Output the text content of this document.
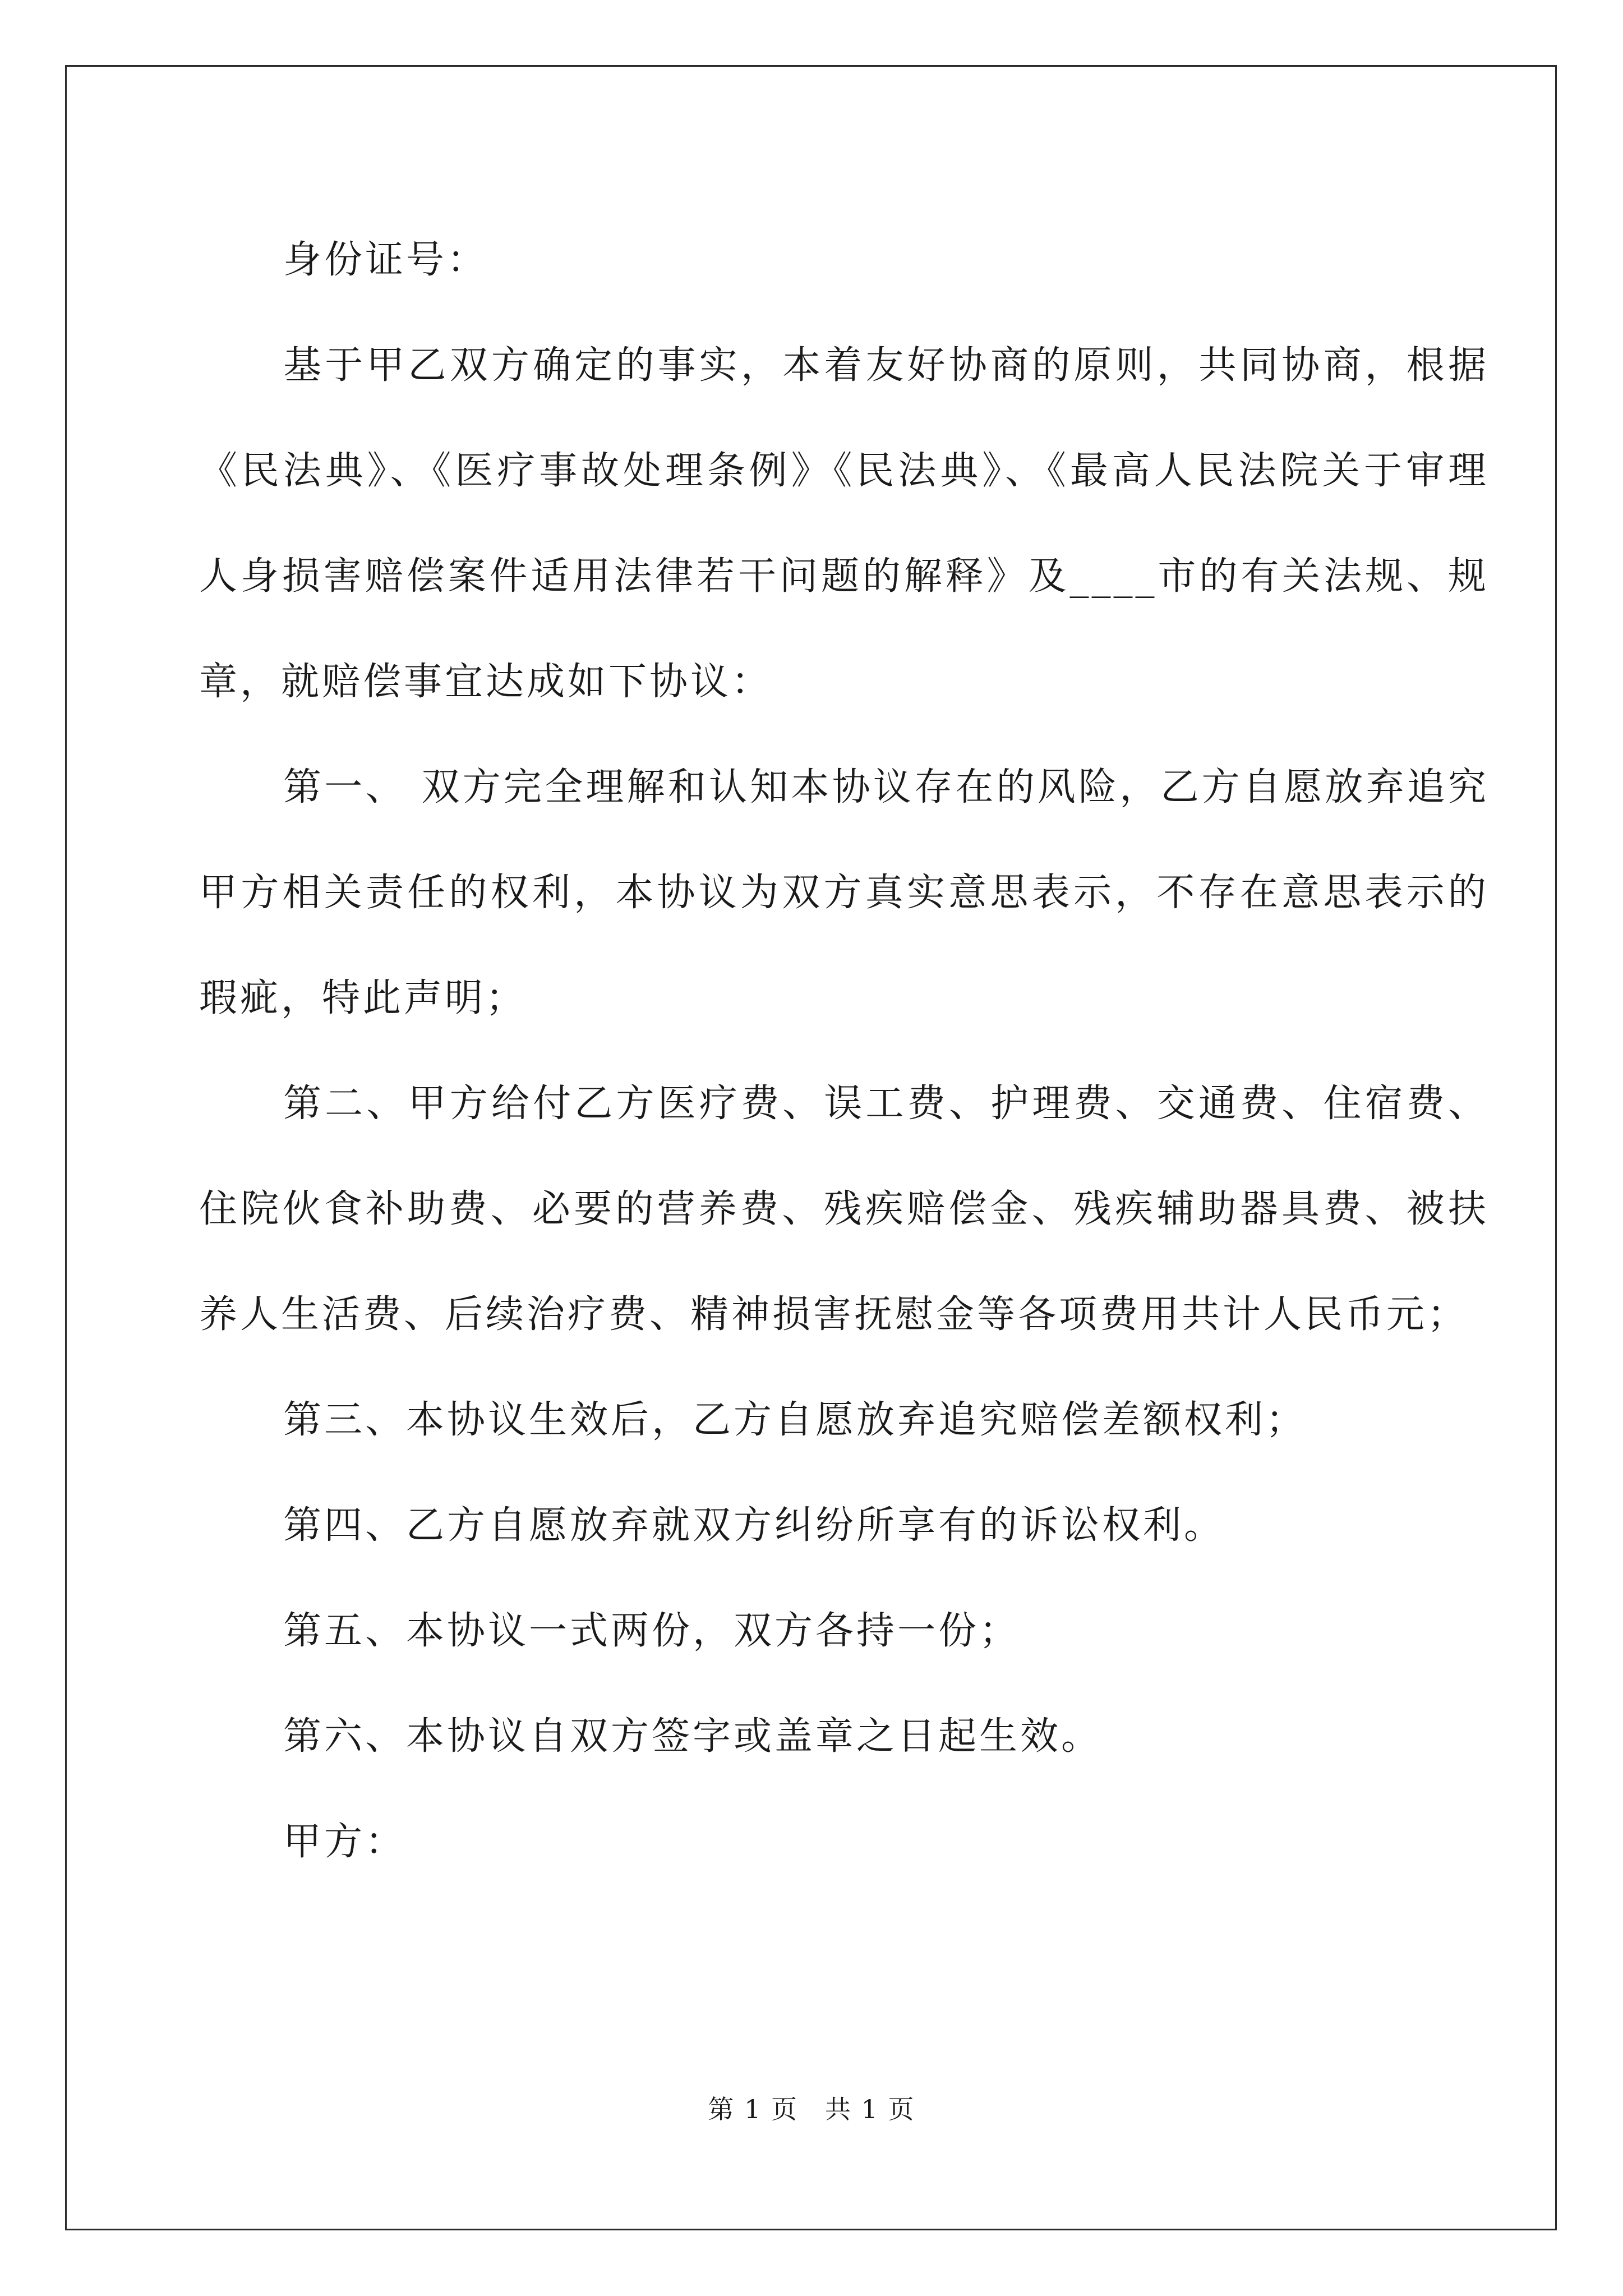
身份证号：

基于甲乙双方确定的事实，本着友好协商的原则，共同协商，根据《民法典》、《医疗事故处理条例》《民法典》、《最高人民法院关于审理人身损害赔偿案件适用法律若干问题的解释》及____市的有关法规、规章，就赔偿事宜达成如下协议：

第一、 双方完全理解和认知本协议存在的风险，乙方自愿放弃追究甲方相关责任的权利，本协议为双方真实意思表示，不存在意思表示的瑕疵，特此声明；

第二、甲方给付乙方医疗费、误工费、护理费、交通费、住宿费、住院伙食补助费、必要的营养费、残疾赔偿金、残疾辅助器具费、被扶养人生活费、后续治疗费、精神损害抚慰金等各项费用共计人民币元；

第三、本协议生效后，乙方自愿放弃追究赔偿差额权利；

第四、乙方自愿放弃就双方纠纷所享有的诉讼权利。

第五、本协议一式两份，双方各持一份；

第六、本协议自双方签字或盖章之日起生效。

甲方：

第 1 页　共 1 页
